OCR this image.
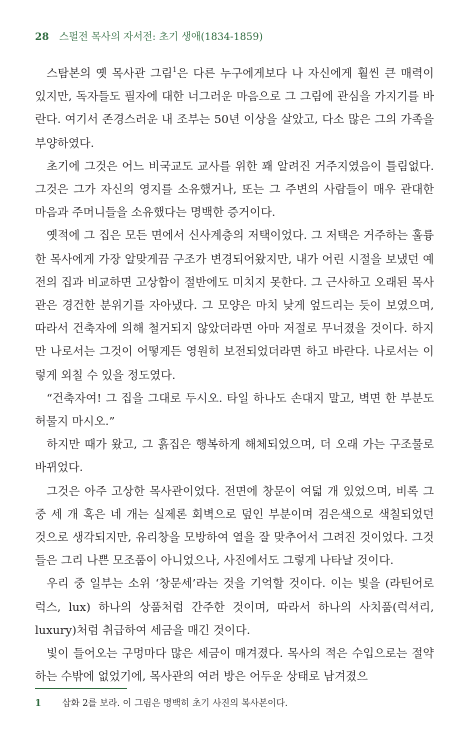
28 스펄전 목사의 자서전: 초기 생애(1834-1859)

스탐본의 옛 목사관 그림$^1$은 다른 누구에게보다 나 자신에게 훨씬 큰 매력이 있지만, 독자들도 필자에 대한 너그러운 마음으로 그 그림에 관심을 가지기를 바란다. 여기서 존경스러운 내 조부는 50년 이상을 살았고, 다소 많은 그의 가족을 부양하였다.

초기에 그것은 어느 비국교도 교사를 위한 꽤 알려진 거주지였음이 틀림없다. 그것은 그가 자신의 영지를 소유했거나, 또는 그 주변의 사람들이 매우 관대한 마음과 주머니들을 소유했다는 명백한 증거이다.

옛적에 그 집은 모든 면에서 신사계층의 저택이었다. 그 저택은 거주하는 훌륭한 목사에게 가장 알맞게끔 구조가 변경되어왔지만, 내가 어린 시절을 보냈던 예전의 집과 비교하면 고상함이 절반에도 미치지 못한다. 그 근사하고 오래된 목사관은 경건한 분위기를 자아냈다. 그 모양은 마치 낮게 엎드리는 듯이 보였으며, 따라서 건축자에 의해 철거되지 않았더라면 아마 저절로 무너졌을 것이다. 하지만 나로서는 그것이 어떻게든 영원히 보전되었더라면 하고 바란다. 나로서는 이렇게 외칠 수 있을 정도였다.

“건축자여! 그 집을 그대로 두시오. 타일 하나도 손대지 말고, 벽면 한 부분도 허물지 마시오.”

하지만 때가 왔고, 그 흙집은 행복하게 해체되었으며, 더 오래 가는 구조물로 바뀌었다.

그것은 아주 고상한 목사관이었다. 전면에 창문이 여덟 개 있었으며, 비록 그중 세 개 혹은 네 개는 실제론 회벽으로 덮인 부분이며 검은색으로 색칠되었던 것으로 생각되지만, 유리창을 모방하여 열을 잘 맞추어서 그려진 것이었다. 그것들은 그리 나쁜 모조품이 아니었으나, 사진에서도 그렇게 나타날 것이다.

우리 중 일부는 소위 ‘창문세’라는 것을 기억할 것이다. 이는 빛을 (라틴어로 럭스, lux) 하나의 상품처럼 간주한 것이며, 따라서 하나의 사치품(럭셔리, luxury)처럼 취급하여 세금을 매긴 것이다.

빛이 들어오는 구멍마다 많은 세금이 매겨졌다. 목사의 적은 수입으로는 절약하는 수밖에 없었기에, 목사관의 여러 방은 어두운 상태로 남겨졌으

1 삽화 2를 보라. 이 그림은 명백히 초기 사진의 복사본이다.
